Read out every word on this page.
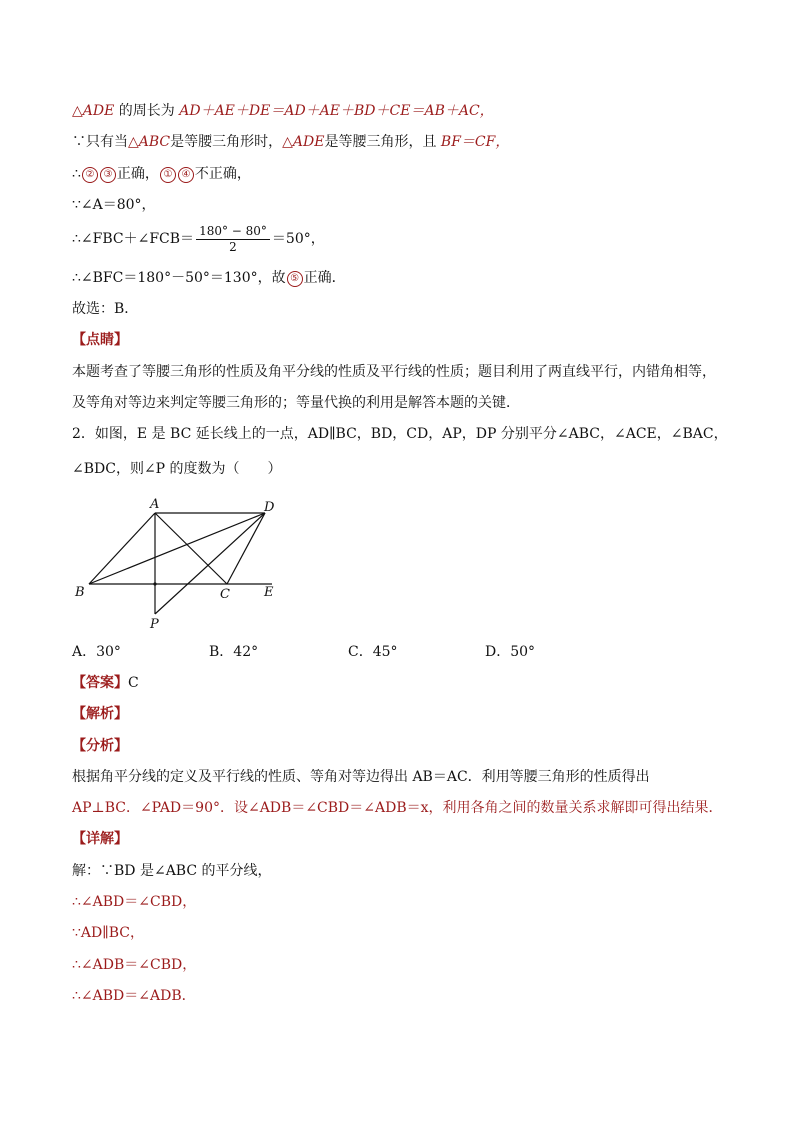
△ADE 的周长为 AD＋AE＋DE＝AD＋AE＋BD＋CE＝AB＋AC，
∵只有当△ABC是等腰三角形时，△ADE是等腰三角形，且 BF＝CF，
∴ ② ③ 正确， ① ④ 不正确，
∵∠A＝80°，
∴∠FBC＋∠FCB＝ $\frac{180^\circ - 80^\circ}{2} =50^\circ$，
∴∠BFC＝180°－50°＝130°，故 ⑤ 正确．
故选：B．
【点睛】
本题考查了等腰三角形的性质及角平分线的性质及平行线的性质；题目利用了两直线平行，内错角相等，
及等角对等边来判定等腰三角形的；等量代换的利用是解答本题的关键．
2．如图，E 是 BC 延长线上的一点，AD∥BC，BD，CD，AP，DP 分别平分∠ABC，∠ACE，∠BAC，
∠BDC，则∠P 的度数为（　　）
A	D
B	C	E
P
A．30°	B．42°	C．45°	D．50°
【答案】C
【解析】
【分析】
根据角平分线的定义及平行线的性质、等角对等边得出 AB＝AC．利用等腰三角形的性质得出
AP⊥BC．∠PAD＝90°．设∠ADB＝∠CBD＝∠ADB＝x，利用各角之间的数量关系求解即可得出结果．
【详解】
解：∵BD 是∠ABC 的平分线，
∴∠ABD＝∠CBD，
∵AD∥BC，
∴∠ADB＝∠CBD，
∴∠ABD＝∠ADB．
